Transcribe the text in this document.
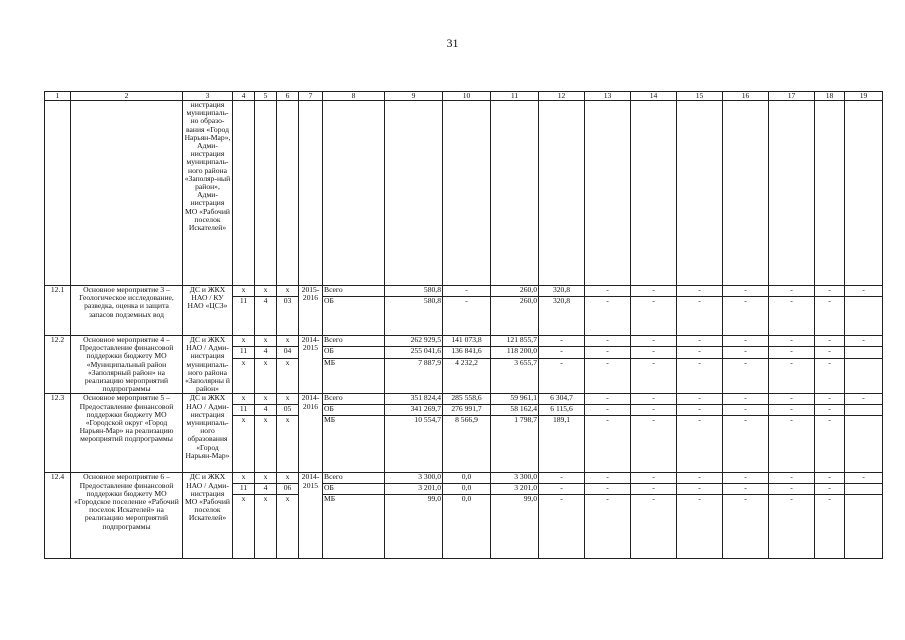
31
1	2	3	4	5	6	7	8	9	10	11	12	13	14	15	16	17	18	19
		нистрация муниципаль-но образо-вания «Город Нарьян-Мар», Адми-нистрация муниципаль-ного района «Заполяр-ный район», Адми-нистрация МО «Рабочий поселок Искателей»																
12.1	Основное мероприятие 3 – Геологическое исследование, разведка, оценка и защита запасов подземных вод	ДС и ЖКХ НАО / КУ НАО «ЦСЗ»	х	х	х	2015-2016	Всего	580,8	-	260,0	320,8	-	-	-	-	-	-	-
			11	4	03		ОБ	580,8	-	260,0	320,8	-	-	-	-	-	-	
12.2	Основное мероприятие 4 – Предоставление финансовой поддержки бюджету МО «Муниципальный район «Заполярный район» на реализацию мероприятий подпрограммы	ДС и ЖКХ НАО / Адми-нистрация муниципаль-ного района «Заполярны й район»	х	х	х	2014-2015	Всего	262 929,5	141 073,8	121 855,7	-	-	-	-	-	-	-	-
			11	4	04		ОБ	255 041,6	136 841,6	118 200,0	-	-	-	-	-	-	-	
			х	х	х		МБ	7 887,9	4 232,2	3 655,7	-	-	-	-	-	-	-	
12.3	Основное мероприятие 5 – Предоставление финансовой поддержки бюджету МО «Городской округ «Город Нарьян-Мар» на реализацию мероприятий подпрограммы	ДС и ЖКХ НАО / Адми-нистрация муниципаль-ного образования «Город Нарьян-Мар»	х	х	х	2014-2016	Всего	351 824,4	285 558,6	59 961,1	6 304,7	-	-	-	-	-	-	-
			11	4	05		ОБ	341 269,7	276 991,7	58 162,4	6 115,6	-	-	-	-	-	-	
			х	х	х		МБ	10 554,7	8 566,9	1 798,7	189,1	-	-	-	-	-	-	
12.4	Основное мероприятие 6 – Предоставление финансовой поддержки бюджету МО «Городское поселение «Рабочий поселок Искателей» на реализацию мероприятий подпрограммы	ДС и ЖКХ НАО / Адми-нистрация МО «Рабочий поселок Искателей»	х	х	х	2014-2015	Всего	3 300,0	0,0	3 300,0	-	-	-	-	-	-	-	-
			11	4	06		ОБ	3 201,0	0,0	3 201,0	-	-	-	-	-	-	-	
			х	х	х		МБ	99,0	0,0	99,0	-	-	-	-	-	-	-	
